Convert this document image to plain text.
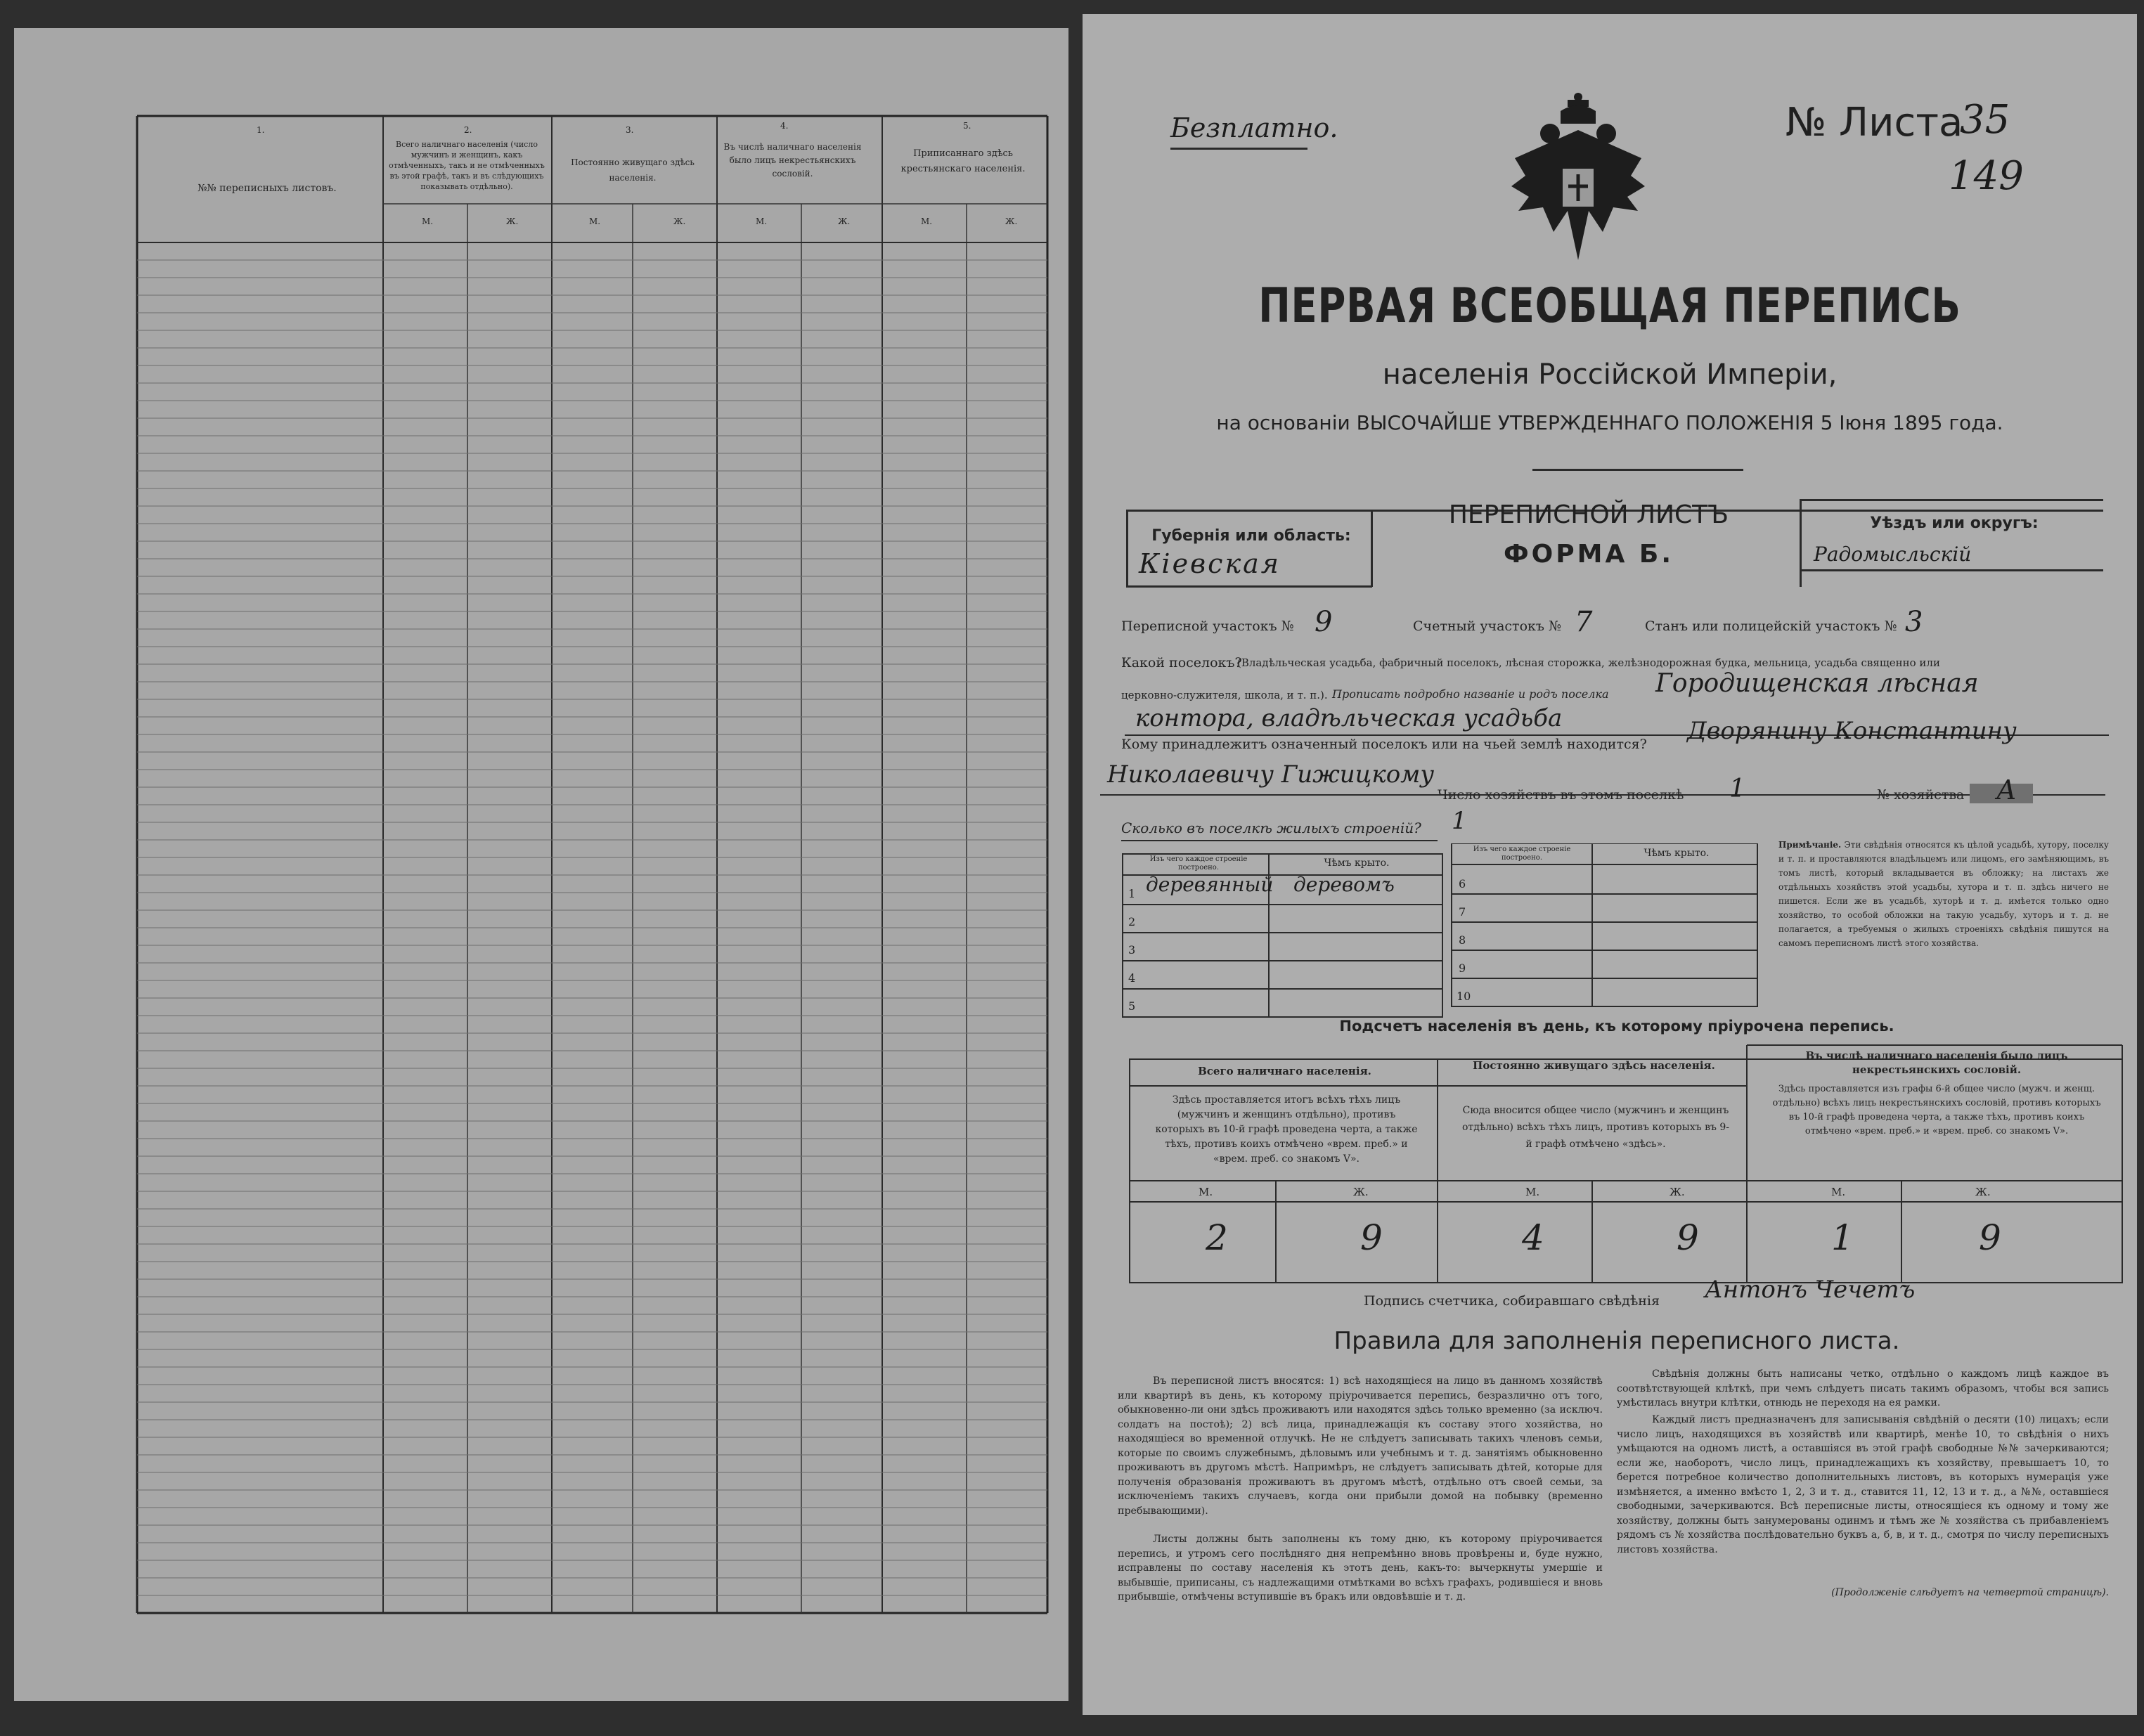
1.	2.	3.	4.	5.
№№ переписныхъ листовъ.
Всего наличнаго населенія (число мужчинъ и женщинъ, какъ отмѣченныхъ, такъ и не отмѣченныхъ въ этой графѣ, такъ и въ слѣдующихъ показывать отдѣльно).
Постоянно живущаго здѣсь населенія.
Въ числѣ наличнаго населенія было лицъ некрестьянскихъ сословій.
Приписаннаго здѣсь крестьянскаго населенія.
М.	Ж.	М.	Ж.	М.	Ж.	М.	Ж.
Безплатно.	№ Листа
35
149
ПЕРВАЯ ВСЕОБЩАЯ ПЕРЕПИСЬ
населенія Россійской Имперіи,
на основаніи ВЫСОЧАЙШЕ УТВЕРЖДЕННАГО ПОЛОЖЕНІЯ 5 Іюня 1895 года.
Губернія или область:
Кіевская
ПЕРЕПИСНОЙ ЛИСТЪ
ФОРМА Б.
Уѣздъ или округъ:
Радомысльскій
Переписной участокъ № 9	Счетный участокъ № 7	Станъ или полицейскій участокъ № 3
Какой поселокъ?
(Владѣльческая усадьба, фабричный поселокъ, лѣсная сторожка, желѣзнодорожная будка, мельница, усадьба священно или
церковно-служителя, школа, и т. п.). Прописать подробно названіе и родъ поселка Городищенская лѣсная
контора, владѣльческая усадьба
Кому принадлежитъ означенный поселокъ или на чьей землѣ находится? Дворянину Константину
Николаевичу Гижицкому
Число хозяйствъ въ этомъ поселкѣ 1	№ хозяйства А
Сколько въ поселкѣ жилыхъ строеній? 1
Изъ чего каждое строеніе построено.	Чѣмъ крыто.
Изъ чего каждое строеніе построено.	Чѣмъ крыто.
1 деревянный деревомъ
2
3
4
5
6
7
8
9
10
Примѣчаніе. Эти свѣдѣнія относятся къ цѣлой усадьбѣ, хутору, поселку и т. п. и проставляются владѣльцемъ или лицомъ, его замѣняющимъ, въ томъ листѣ, который вкладывается въ обложку; на листахъ же отдѣльныхъ хозяйствъ этой усадьбы, хутора и т. п. здѣсь ничего не пишется. Если же въ усадьбѣ, хуторѣ и т. д. имѣется только одно хозяйство, то особой обложки на такую усадьбу, хуторъ и т. д. не полагается, а требуемыя о жилыхъ строеніяхъ свѣдѣнія пишутся на самомъ переписномъ листѣ этого хозяйства.
Подсчетъ населенія въ день, къ которому пріурочена перепись.
Всего наличнаго населенія.
Здѣсь проставляется итогъ всѣхъ тѣхъ лицъ (мужчинъ и женщинъ отдѣльно), противъ которыхъ въ 10-й графѣ проведена черта, а также тѣхъ, противъ коихъ отмѣчено «врем. преб.» и «врем. преб. со знакомъ V».
Постоянно живущаго здѣсь населенія.
Сюда вносится общее число (мужчинъ и женщинъ отдѣльно) всѣхъ тѣхъ лицъ, противъ которыхъ въ 9-й графѣ отмѣчено «здѣсь».
Въ числѣ наличнаго населенія было лицъ некрестьянскихъ сословій.
Здѣсь проставляется изъ графы 6-й общее число (мужч. и женщ. отдѣльно) всѣхъ лицъ некрестьянскихъ сословій, противъ которыхъ въ 10-й графѣ проведена черта, а также тѣхъ, противъ коихъ отмѣчено «врем. преб.» и «врем. преб. со знакомъ V».
М.	Ж.	М.	Ж.	М.	Ж.
2	9	4	9	1	9
Подпись счетчика, собиравшаго свѣдѣнія Антонъ Чечетъ
Правила для заполненія переписного листа.
Въ переписной листъ вносятся: 1) всѣ находящіеся на лицо въ данномъ хозяйствѣ или квартирѣ въ день, къ которому пріурочивается перепись, безразлично отъ того, обыкновенно-ли они здѣсь проживаютъ или находятся здѣсь только временно (за исключ. солдатъ на постоѣ); 2) всѣ лица, принадлежащія къ составу этого хозяйства, но находящіеся во временной отлучкѣ. Не не слѣдуетъ записывать такихъ членовъ семьи, которые по своимъ служебнымъ, дѣловымъ или учебнымъ и т. д. занятіямъ обыкновенно проживаютъ въ другомъ мѣстѣ. Напримѣръ, не слѣдуетъ записывать дѣтей, которые для полученія образованія проживаютъ въ другомъ мѣстѣ, отдѣльно отъ своей семьи, за исключеніемъ такихъ случаевъ, когда они прибыли домой на побывку (временно пребывающими).
Листы должны быть заполнены къ тому дню, къ которому пріурочивается перепись, и утромъ сего послѣдняго дня непремѣнно вновь провѣрены и, буде нужно, исправлены по составу населенія къ этотъ день, какъ-то: вычеркнуты умершіе и выбывшіе, приписаны, съ надлежащими отмѣтками во всѣхъ графахъ, родившіеся и вновь прибывшіе, отмѣчены вступившіе въ бракъ или овдовѣвшіе и т. д.
Свѣдѣнія должны быть написаны четко, отдѣльно о каждомъ лицѣ каждое въ соотвѣтствующей клѣткѣ, при чемъ слѣдуетъ писать такимъ образомъ, чтобы вся запись умѣстилась внутри клѣтки, отнюдь не переходя на ея рамки.
Каждый листъ предназначенъ для записыванія свѣдѣній о десяти (10) лицахъ; если число лицъ, находящихся въ хозяйствѣ или квартирѣ, менѣе 10, то свѣдѣнія о нихъ умѣщаются на одномъ листѣ, а оставшіяся въ этой графѣ свободные №№ зачеркиваются; если же, наоборотъ, число лицъ, принадлежащихъ къ хозяйству, превышаетъ 10, то берется потребное количество дополнительныхъ листовъ, въ которыхъ нумерація уже измѣняется, а именно вмѣсто 1, 2, 3 и т. д., ставится 11, 12, 13 и т. д., а №№, оставшіеся свободными, зачеркиваются. Всѣ переписные листы, относящіеся къ одному и тому же хозяйству, должны быть занумерованы одинмъ и тѣмъ же № хозяйства съ прибавленіемъ рядомъ съ № хозяйства послѣдовательно буквъ а, б, в, и т. д., смотря по числу переписныхъ листовъ хозяйства.
(Продолженіе слѣдуетъ на четвертой страницѣ).
